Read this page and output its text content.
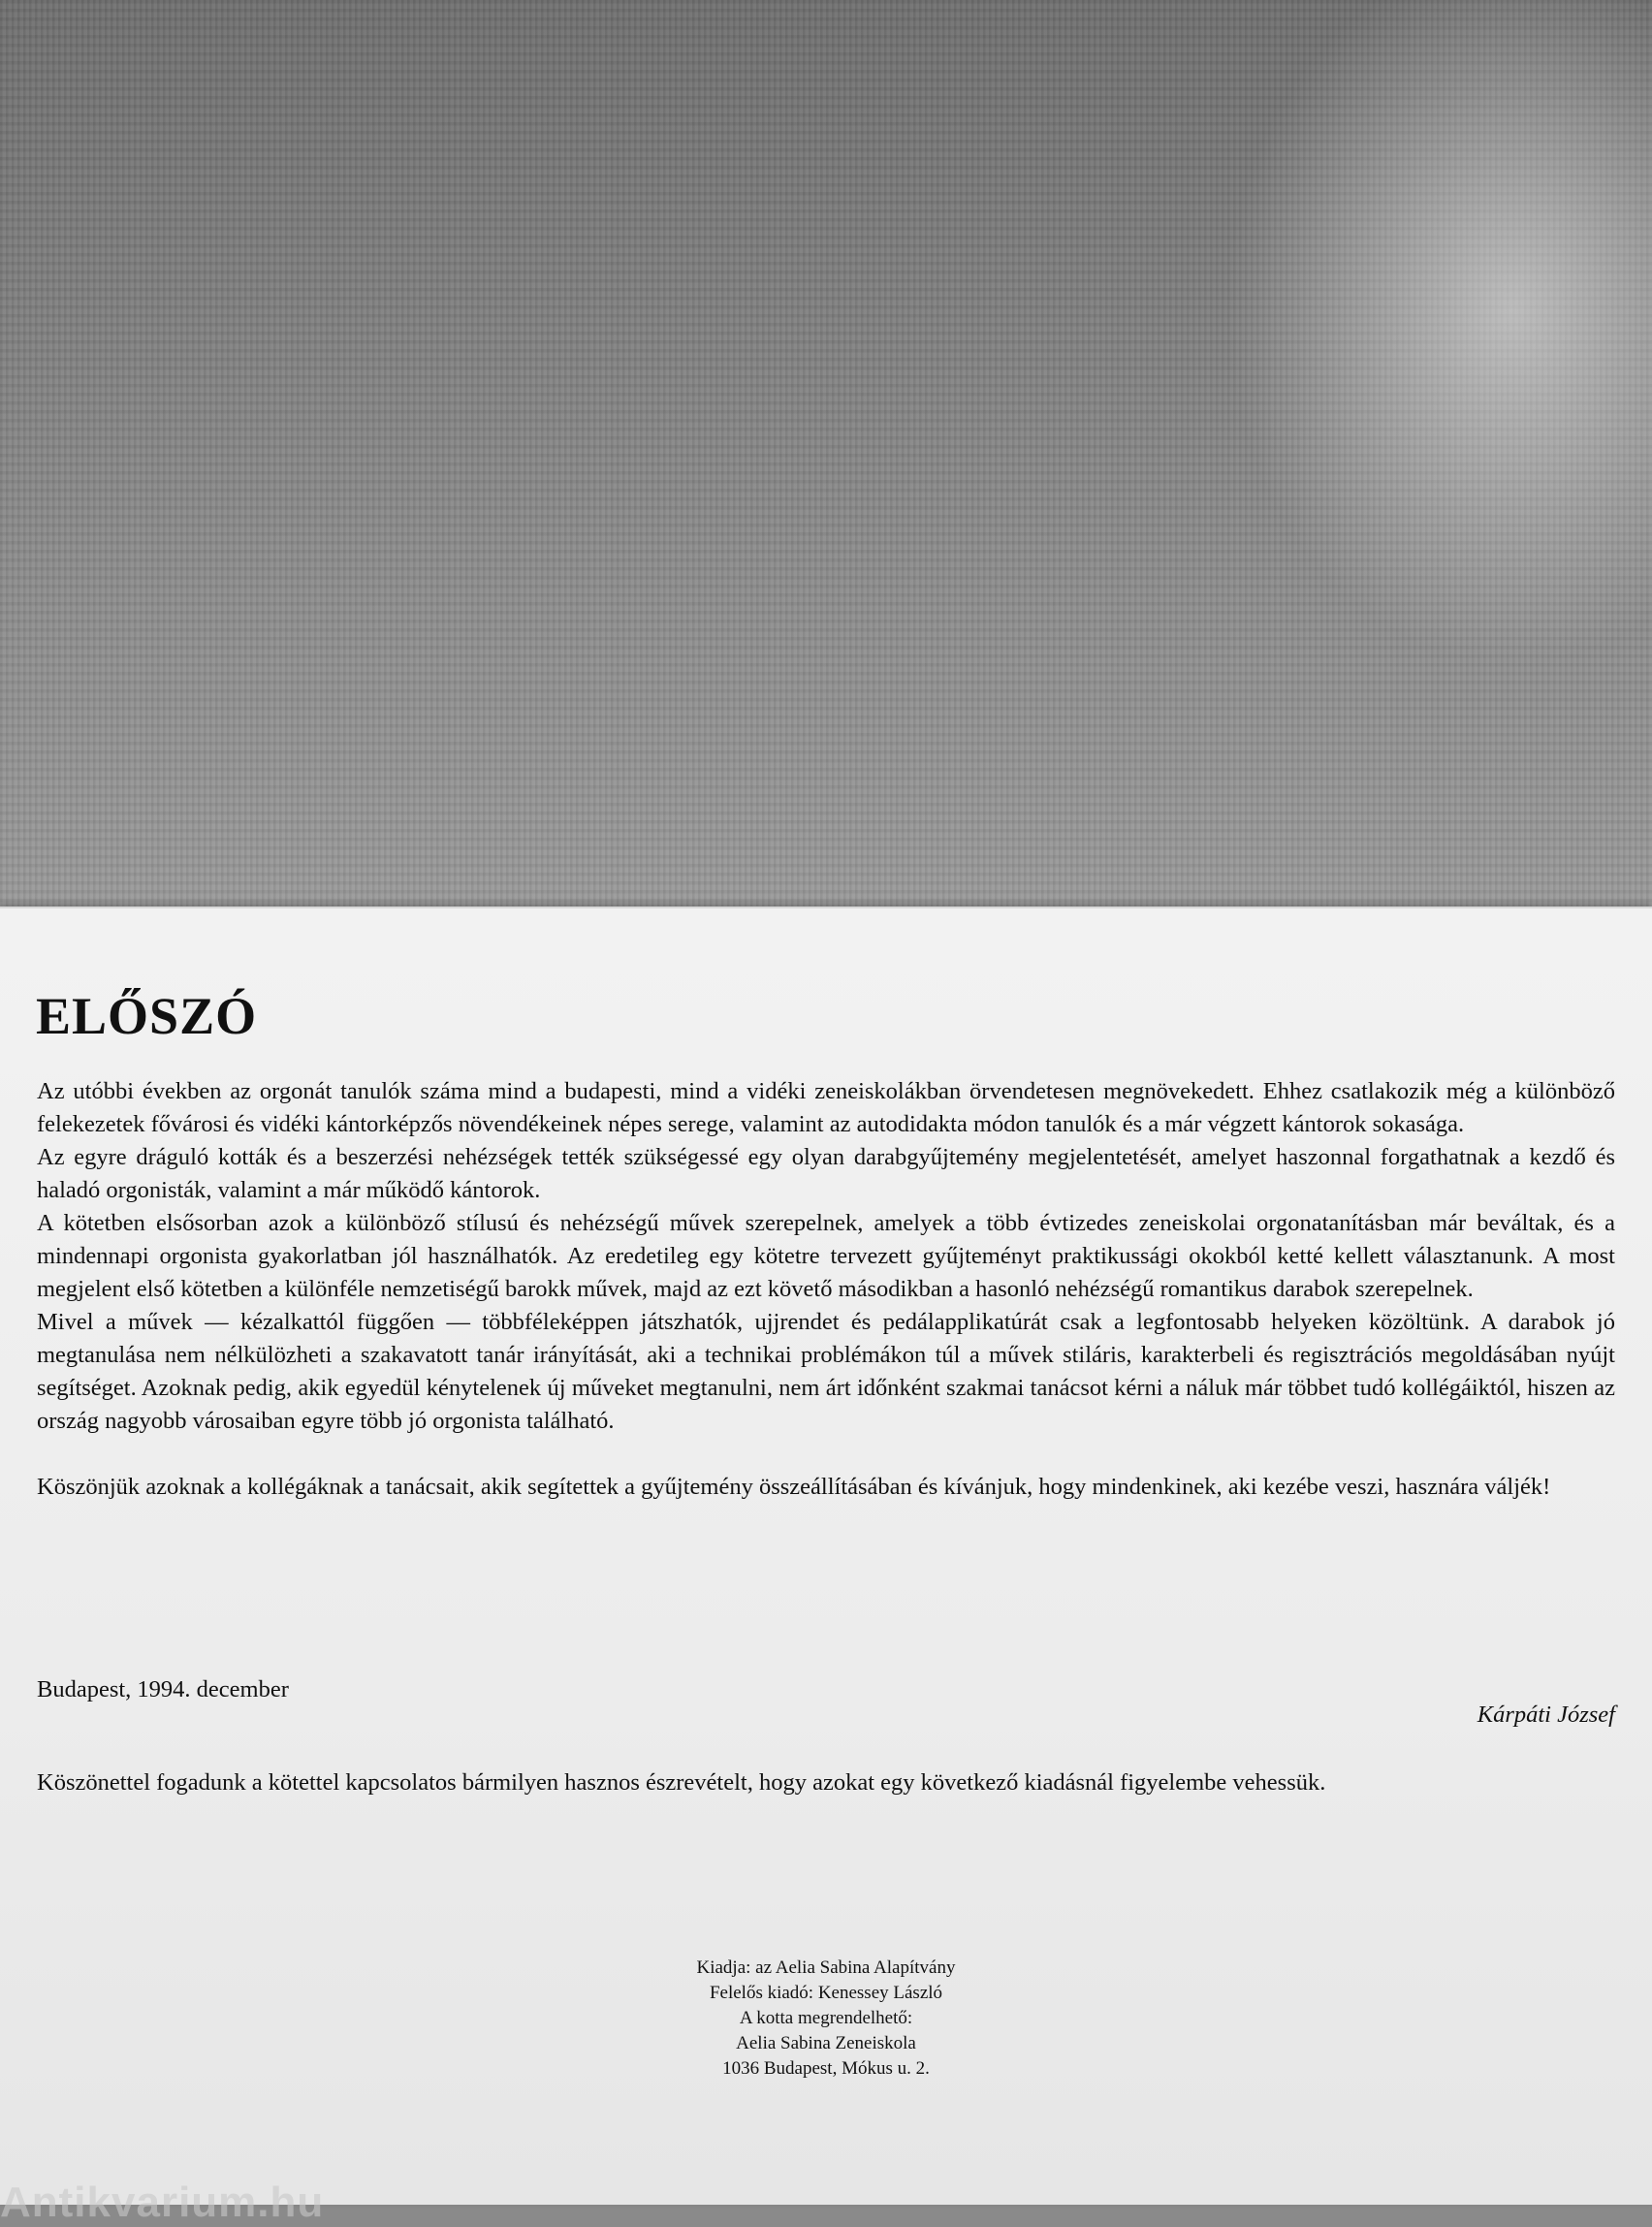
ELŐSZÓ

Az utóbbi években az orgonát tanulók száma mind a budapesti, mind a vidéki zeneiskolákban örvendetesen megnövekedett. Ehhez csatlakozik még a különböző felekezetek fővárosi és vidéki kántorképzős növendékeinek népes serege, valamint az autodidakta módon tanulók és a már végzett kántorok sokasága.

Az egyre dráguló kották és a beszerzési nehézségek tették szükségessé egy olyan darabgyűjtemény megjelentetését, amelyet haszonnal forgathatnak a kezdő és haladó orgonisták, valamint a már működő kántorok.

A kötetben elsősorban azok a különböző stílusú és nehézségű művek szerepelnek, amelyek a több évtizedes zeneiskolai orgonatanításban már beváltak, és a mindennapi orgonista gyakorlatban jól használhatók. Az eredetileg egy kötetre tervezett gyűjteményt praktikussági okokból ketté kellett választanunk. A most megjelent első kötetben a különféle nemzetiségű barokk művek, majd az ezt követő másodikban a hasonló nehézségű romantikus darabok szerepelnek.

Mivel a művek — kézalkattól függően — többféleképpen játszhatók, ujjrendet és pedálapplikatúrát csak a legfontosabb helyeken közöltünk. A darabok jó megtanulása nem nélkülözheti a szakavatott tanár irányítását, aki a technikai problémákon túl a művek stiláris, karakterbeli és regisztrációs megoldásában nyújt segítséget. Azoknak pedig, akik egyedül kénytelenek új műveket megtanulni, nem árt időnként szakmai tanácsot kérni a náluk már többet tudó kollégáiktól, hiszen az ország nagyobb városaiban egyre több jó orgonista található.

Köszönjük azoknak a kollégáknak a tanácsait, akik segítettek a gyűjtemény összeállításában és kívánjuk, hogy mindenkinek, aki kezébe veszi, hasznára váljék!

Budapest, 1994. december
Kárpáti József
Köszönettel fogadunk a kötettel kapcsolatos bármilyen hasznos észrevételt, hogy azokat egy következő kiadásnál figyelembe vehessük.
Kiadja: az Aelia Sabina Alapítvány
Felelős kiadó: Kenessey László
A kotta megrendelhető:
Aelia Sabina Zeneiskola
1036 Budapest, Mókus u. 2.
Antikvarium.hu
